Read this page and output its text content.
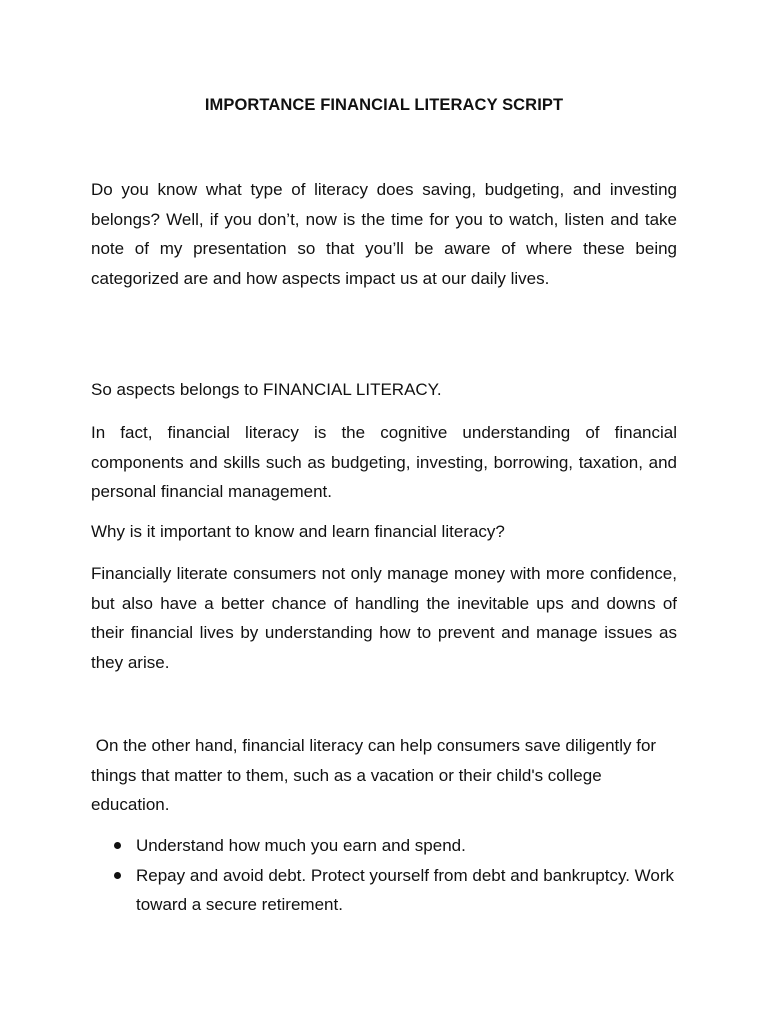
IMPORTANCE FINANCIAL LITERACY SCRIPT

Do you know what type of literacy does saving, budgeting, and investing belongs? Well, if you don’t, now is the time for you to watch, listen and take note of my presentation so that you’ll be aware of where these being categorized are and how aspects impact us at our daily lives.

So aspects belongs to FINANCIAL LITERACY.

In fact, financial literacy is the cognitive understanding of financial components and skills such as budgeting, investing, borrowing, taxation, and personal financial management.

Why is it important to know and learn financial literacy?

Financially literate consumers not only manage money with more confidence, but also have a better chance of handling the inevitable ups and downs of their financial lives by understanding how to prevent and manage issues as they arise.

On the other hand, financial literacy can help consumers save diligently for things that matter to them, such as a vacation or their child's college education.

Understand how much you earn and spend.
Repay and avoid debt. Protect yourself from debt and bankruptcy. Work toward a secure retirement.
